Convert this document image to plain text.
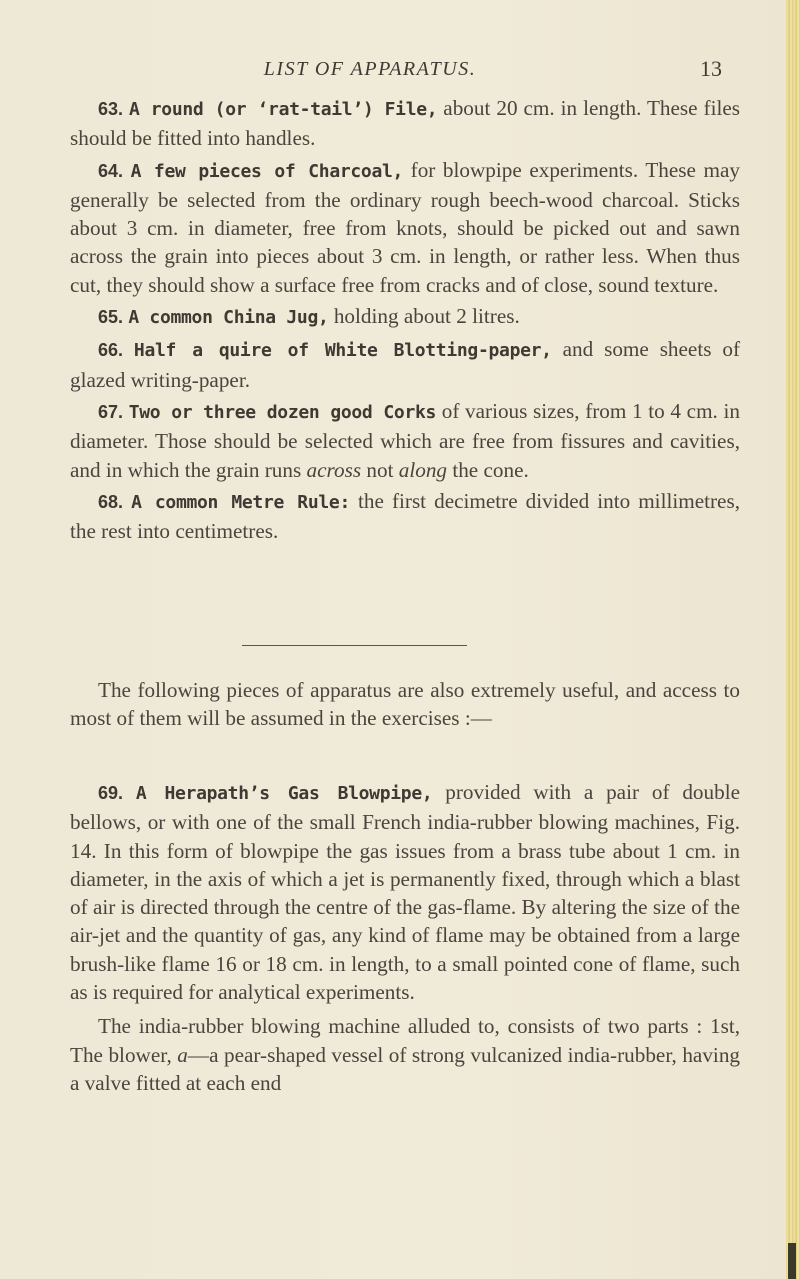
LIST OF APPARATUS.	13

63. A round (or ‘rat-tail’) File, about 20 cm. in length. These files should be fitted into handles.

64. A few pieces of Charcoal, for blowpipe experiments. These may generally be selected from the ordinary rough beech-wood charcoal. Sticks about 3 cm. in diameter, free from knots, should be picked out and sawn across the grain into pieces about 3 cm. in length, or rather less. When thus cut, they should show a surface free from cracks and of close, sound texture.

65. A common China Jug, holding about 2 litres.

66. Half a quire of White Blotting-paper, and some sheets of glazed writing-paper.

67. Two or three dozen good Corks of various sizes, from 1 to 4 cm. in diameter. Those should be selected which are free from fissures and cavities, and in which the grain runs across not along the cone.

68. A common Metre Rule: the first decimetre divided into millimetres, the rest into centimetres.

The following pieces of apparatus are also extremely useful, and access to most of them will be assumed in the exercises :—

69. A Herapath’s Gas Blowpipe, provided with a pair of double bellows, or with one of the small French india-rubber blowing machines, Fig. 14. In this form of blowpipe the gas issues from a brass tube about 1 cm. in diameter, in the axis of which a jet is permanently fixed, through which a blast of air is directed through the centre of the gas-flame. By altering the size of the air-jet and the quantity of gas, any kind of flame may be obtained from a large brush-like flame 16 or 18 cm. in length, to a small pointed cone of flame, such as is required for analytical experiments.

The india-rubber blowing machine alluded to, consists of two parts : 1st, The blower, a—a pear-shaped vessel of strong vulcanized india-rubber, having a valve fitted at each end
